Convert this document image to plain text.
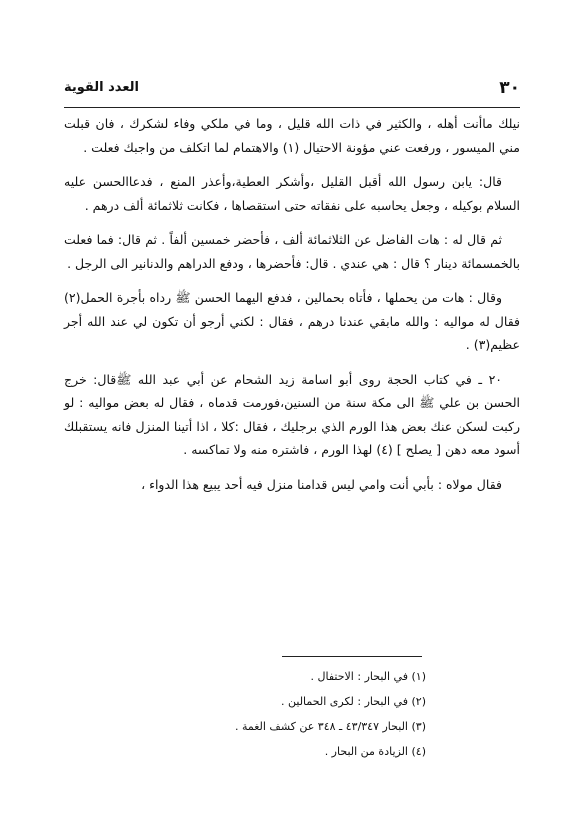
٣٠
العدد القوية

نيلك ماأنت أهله ، والكثير في ذات الله قليل ، وما في ملكي وفاء لشكرك ، فان قبلت مني الميسور ، ورفعت عني مؤونة الاحتيال (١) والاهتمام لما اتكلف من واجبك فعلت .

قال: يابن رسول الله أقبل القليل ،وأشكر العطية،وأعذر المنع ، فدعاالحسن عليه السلام بوكيله ، وجعل يحاسبه على نفقاته حتى استقصاها ، فكانت ثلاثمائة ألف درهم .

ثم قال له : هات الفاضل عن الثلاثمائة ألف ، فأحضر خمسين ألفاً . ثم قال: فما فعلت بالخمسمائة دينار ؟ قال : هي عندي . قال: فأحضرها ، ودفع الدراهم والدنانير الى الرجل .

وقال : هات من يحملها ، فأتاه بحمالين ، فدفع اليهما الحسن ﷺ رداه بأجرة الحمل(٢) فقال له مواليه : والله مابقي عندنا درهم ، فقال : لكني أرجو أن تكون لي عند الله أجر عظيم(٣) .

٢٠ ـ في كتاب الحجة روى أبو اسامة زيد الشحام عن أبي عبد الله ﷺقال: خرج الحسن بن علي ﷺ الى مكة سنة من السنين،فورمت قدماه ، فقال له بعض مواليه : لو ركبت لسكن عنك بعض هذا الورم الذي برجليك ، فقال :كلا ، اذا أتينا المنزل فانه يستقبلك أسود معه دهن [ يصلح ] (٤) لهذا الورم ، فاشتره منه ولا تماكسه .

فقال مولاه : بأبي أنت وامي ليس قدامنا منزل فيه أحد يبيع هذا الدواء ،

(١) في البحار : الاحتفال .

(٢) في البحار : لكرى الحمالين .

(٣) البحار ٤٣/٣٤٧ ـ ٣٤٨ عن كشف الغمة .

(٤) الزيادة من البحار .
